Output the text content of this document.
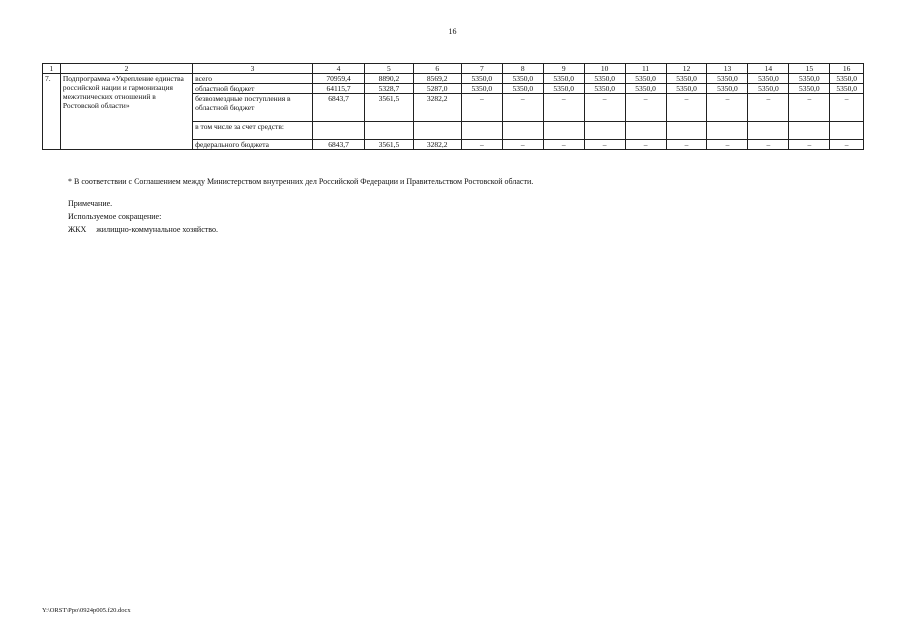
16
1	2	3	4	5	6	7	8	9	10	11	12	13	14	15	16
7.	Подпрограмма «Укрепление единства российской нации и гармонизация межэтнических отношений в Ростовской области»	всего	70959,4	8890,2	8569,2	5350,0	5350,0	5350,0	5350,0	5350,0	5350,0	5350,0	5350,0	5350,0	5350,0
		областной бюджет	64115,7	5328,7	5287,0	5350,0	5350,0	5350,0	5350,0	5350,0	5350,0	5350,0	5350,0	5350,0	5350,0
		безвозмездные поступления в областной бюджет	6843,7	3561,5	3282,2	–	–	–	–	–	–	–	–	–	–
		в том числе за счет средств:													
		федерального бюджета	6843,7	3561,5	3282,2	–	–	–	–	–	–	–	–	–	–
* В соответствии с Соглашением между Министерством внутренних дел Российской Федерации и Правительством Ростовской области.
Примечание.
Используемое сокращение:
ЖКХ жилищно-коммунальное хозяйство.
Y:\ORST\Ppo\0924p005.f20.docx
